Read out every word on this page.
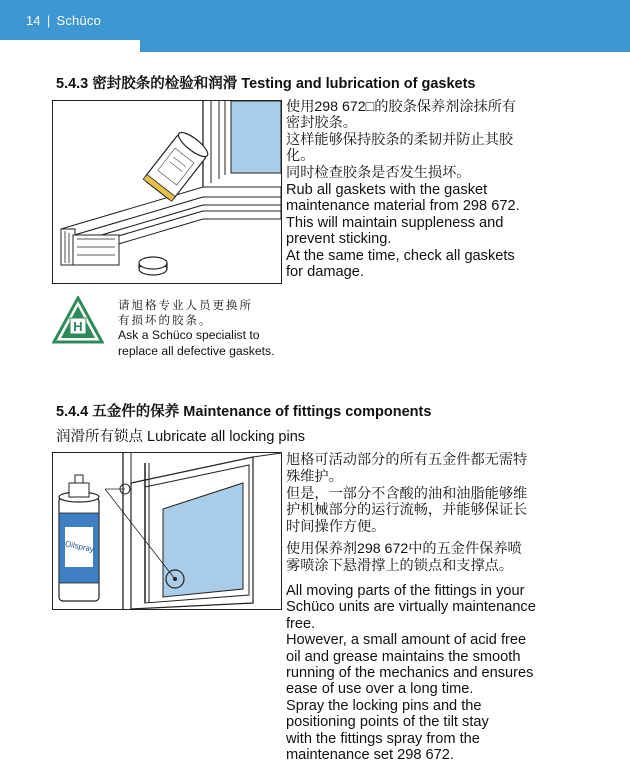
14 | Schüco
5.4.3 密封胶条的检验和润滑 Testing and lubrication of gaskets
使用298 672□的胶条保养剂涂抹所有
密封胶条。
这样能够保持胶条的柔韧并防止其胶
化。
同时检查胶条是否发生损坏。
Rub all gaskets with the gasket
maintenance material from 298 672.
This will maintain suppleness and
prevent sticking.
At the same time, check all gaskets
for damage.
H
请旭格专业人员更换所
有损坏的胶条。
Ask a Schüco specialist to
replace all defective gaskets.
5.4.4 五金件的保养 Maintenance of fittings components
润滑所有锁点 Lubricate all locking pins
Oilspray
旭格可活动部分的所有五金件都无需特
殊维护。
但是，一部分不含酸的油和油脂能够维
护机械部分的运行流畅，并能够保证长
时间操作方便。
使用保养剂298 672中的五金件保养喷
雾喷涂下悬滑撑上的锁点和支撑点。
All moving parts of the fittings in your
Schüco units are virtually maintenance
free.
However, a small amount of acid free
oil and grease maintains the smooth
running of the mechanics and ensures
ease of use over a long time.
Spray the locking pins and the
positioning points of the tilt stay
with the fittings spray from the
maintenance set 298 672.
